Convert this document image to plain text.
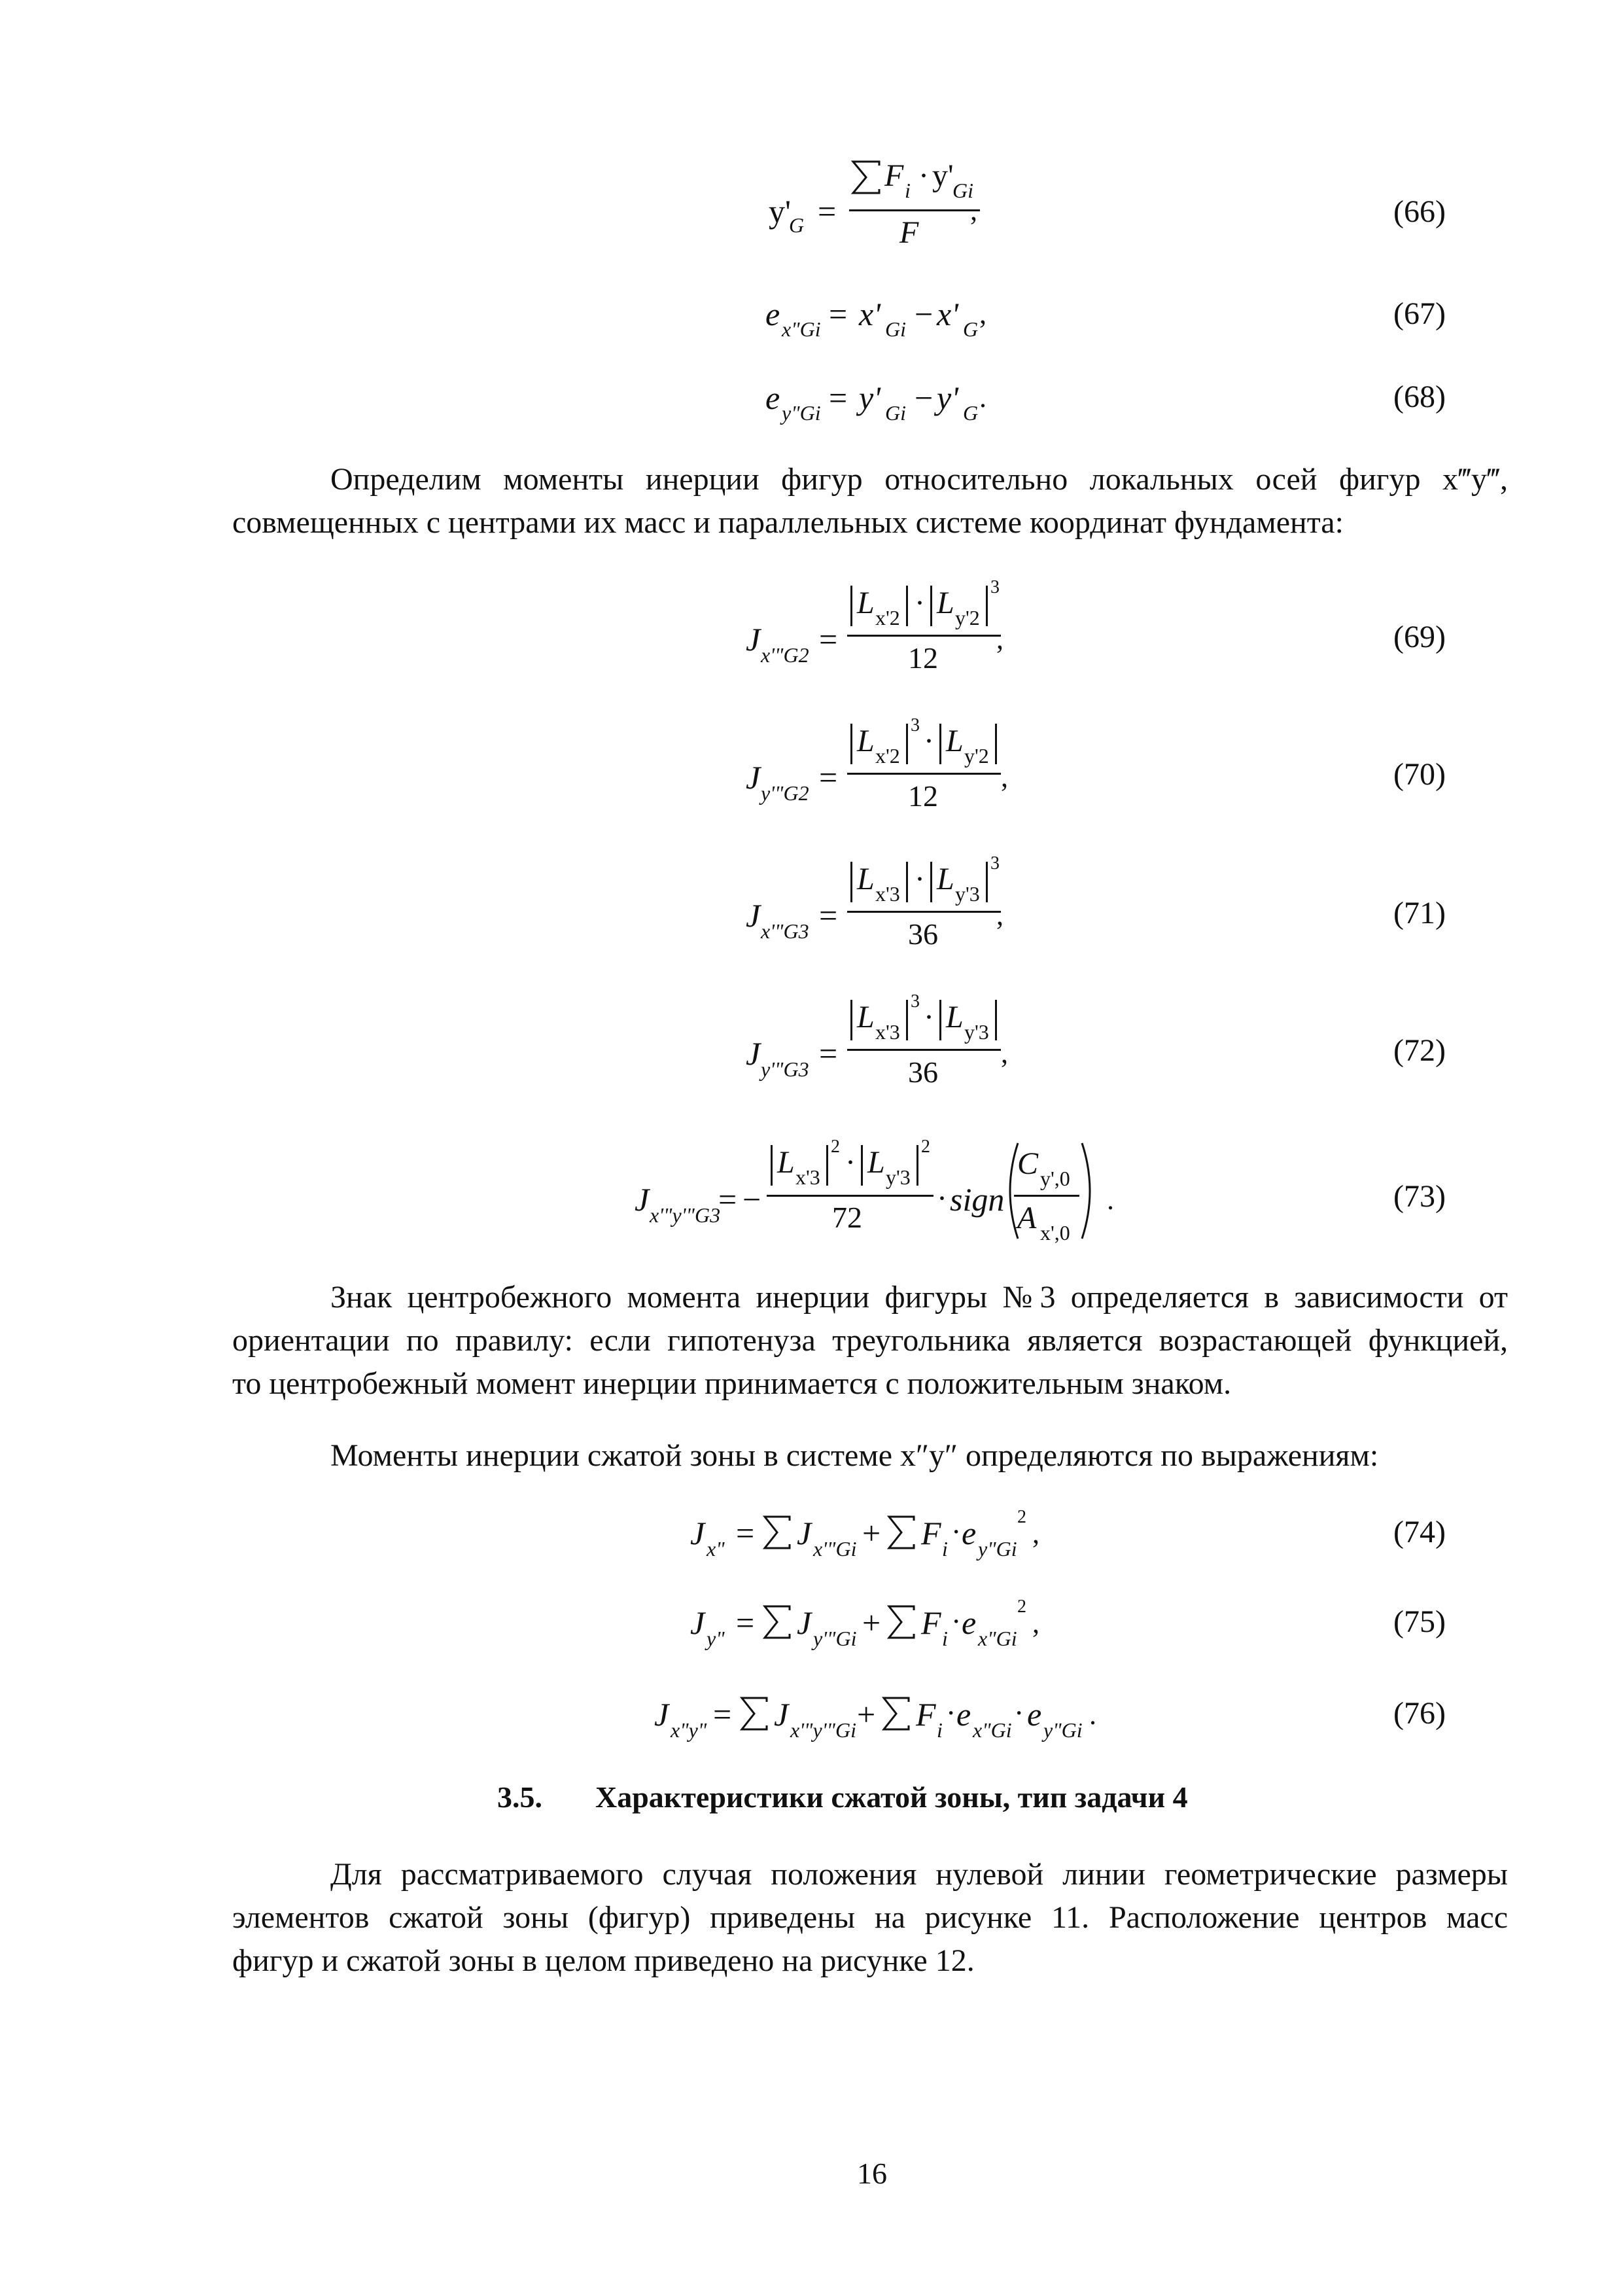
y'
G =
F i · y'
Gi
F
,	(66)
e x"Gi = x' Gi − x' G ,	(67)
e y"Gi = y' Gi − y' G .	(68)

Определим моменты инерции фигур относительно локальных осей фигур x‴y‴,

совмещенных с центрами их масс и параллельных системе координат фундамента:

J x'"G2 =
L x'2 · L y'2
3
12
,	(69)
J y'"G2 =
L x'2
3 · L y'2
12
,	(70)
J x'"G3 =
L x'3 · L y'3
3
36
,	(71)
J y'"G3 =
L x'3
3 · L y'3
36
,	(72)
J x'"y'"G3
= −
L x'3
2 · L y'3
2
72
· sign
C y',0
A x',0
.	(73)

Знак центробежного момента инерции фигуры №3 определяется в зависимости от

ориентации по правилу: если гипотенуза треугольника является возрастающей функцией,

то центробежный момент инерции принимается с положительным знаком.

Моменты инерции сжатой зоны в системе x″y″ определяются по выражениям:

J x" = J x'"Gi + F i
· e y"Gi
2
,	(74)
J y" = J y'"Gi + F i
· e x"Gi
2
,	(75)
J x"y" = J x'"y'"Gi + F i
· e x"Gi
· e y"Gi .	(76)
3.5. Характеристики сжатой зоны, тип задачи 4

Для рассматриваемого случая положения нулевой линии геометрические размеры

элементов сжатой зоны (фигур) приведены на рисунке 11. Расположение центров масс

фигур и сжатой зоны в целом приведено на рисунке 12.

16
